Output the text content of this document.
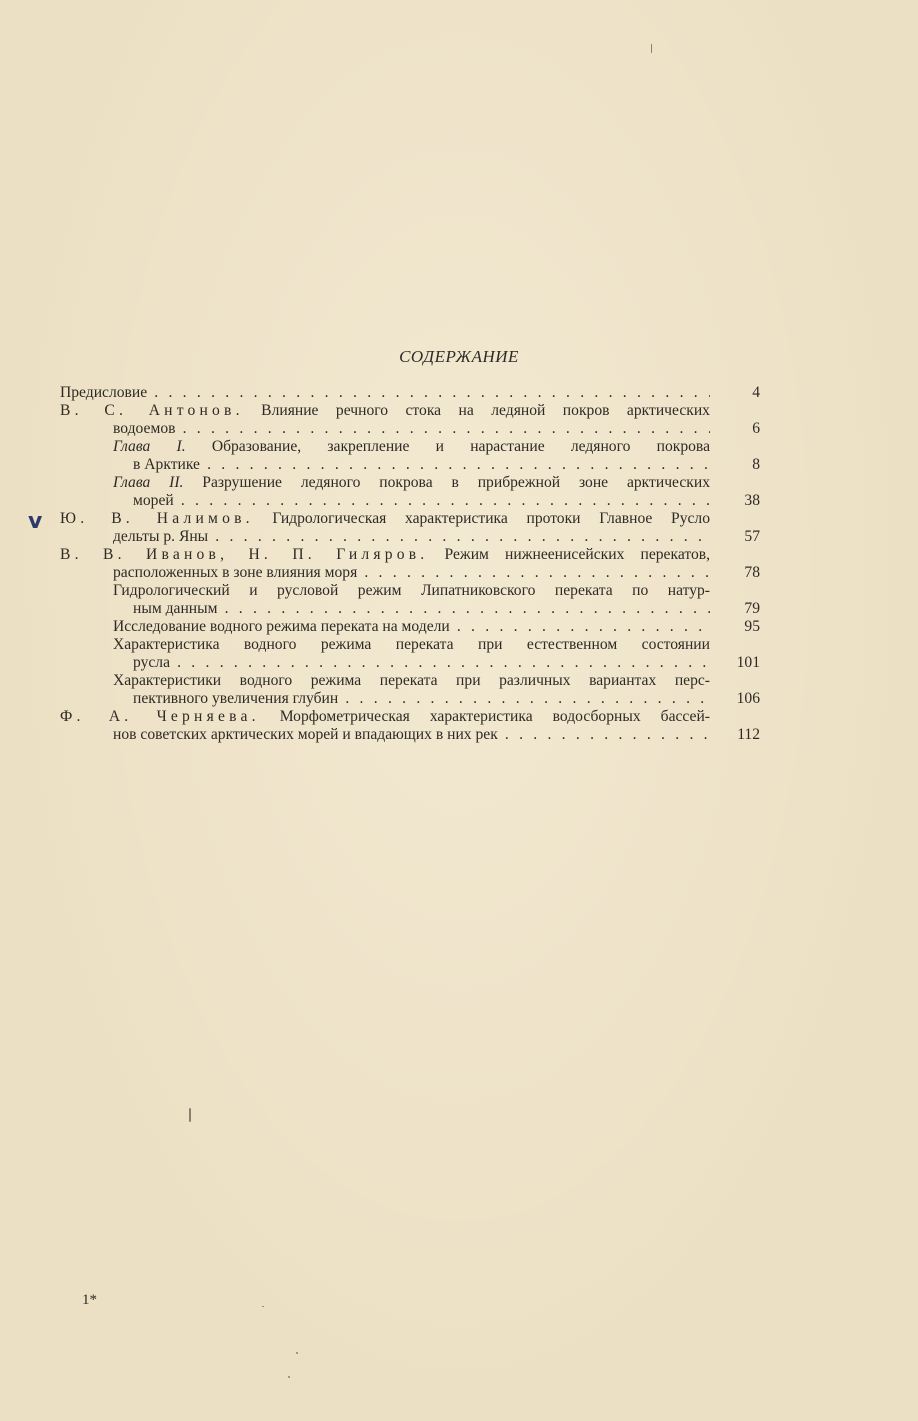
СОДЕРЖАНИЕ
Предисловие . . .	4
В. С. Антонов. Влияние речного стока на ледяной покров арктических
водоемов . . .	6
Глава I. Образование, закрепление и нарастание ледяного покрова
в Арктике . . .	8
Глава II. Разрушение ледяного покрова в прибрежной зоне арктических
морей . . .	38
Ю. В. Налимов. Гидрологическая характеристика протоки Главное Русло
дельты р. Яны . . .	57
В. В. Иванов, Н. П. Гиляров. Режим нижнеенисейских перекатов,
расположенных в зоне влияния моря . . .	78
Гидрологический и русловой режим Липатниковского переката по натур-
ным данным . . .	79
Исследование водного режима переката на модели . . .	95
Характеристика водного режима переката при естественном состоянии
русла . . .	101
Характеристики водного режима переката при различных вариантах перс-
пективного увеличения глубин . . .	106
Ф. А. Черняева. Морфометрическая характеристика водосборных бассей-
нов советских арктических морей и впадающих в них рек . . .	112
v
1*
